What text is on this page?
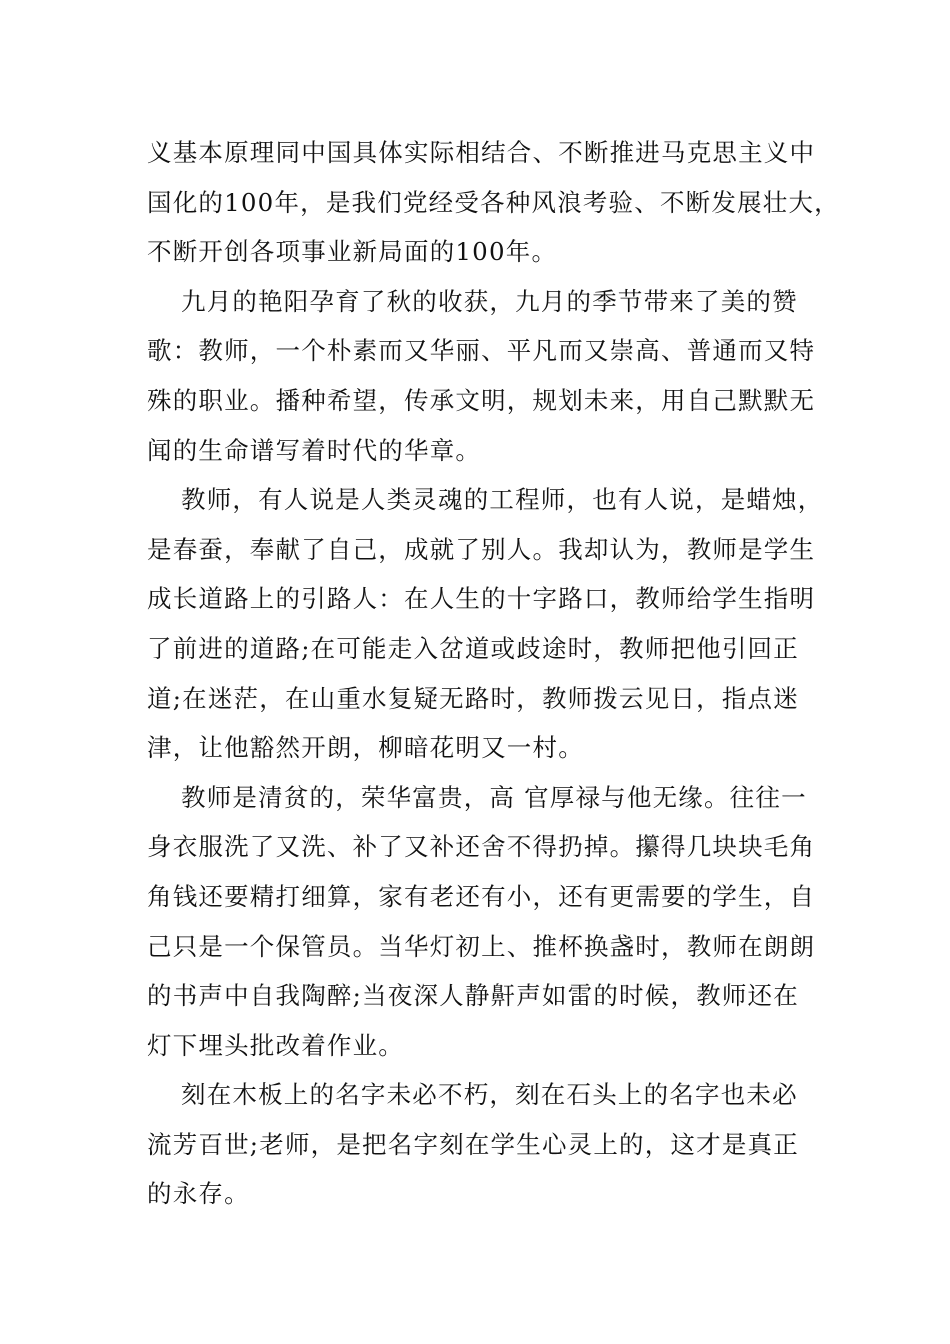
义基本原理同中国具体实际相结合、不断推进马克思主义中
国化的100年，是我们党经受各种风浪考验、不断发展壮大，
不断开创各项事业新局面的100年。
九月的艳阳孕育了秋的收获，九月的季节带来了美的赞
歌：教师，一个朴素而又华丽、平凡而又崇高、普通而又特
殊的职业。播种希望，传承文明，规划未来，用自己默默无
闻的生命谱写着时代的华章。
教师，有人说是人类灵魂的工程师，也有人说，是蜡烛，
是春蚕，奉献了自己，成就了别人。我却认为，教师是学生
成长道路上的引路人：在人生的十字路口，教师给学生指明
了前进的道路;在可能走入岔道或歧途时，教师把他引回正
道;在迷茫，在山重水复疑无路时，教师拨云见日，指点迷
津，让他豁然开朗，柳暗花明又一村。
教师是清贫的，荣华富贵，高 官厚禄与他无缘。往往一
身衣服洗了又洗、补了又补还舍不得扔掉。攥得几块块毛角
角钱还要精打细算，家有老还有小，还有更需要的学生，自
己只是一个保管员。当华灯初上、推杯换盏时，教师在朗朗
的书声中自我陶醉;当夜深人静鼾声如雷的时候，教师还在
灯下埋头批改着作业。
刻在木板上的名字未必不朽，刻在石头上的名字也未必
流芳百世;老师，是把名字刻在学生心灵上的，这才是真正
的永存。
